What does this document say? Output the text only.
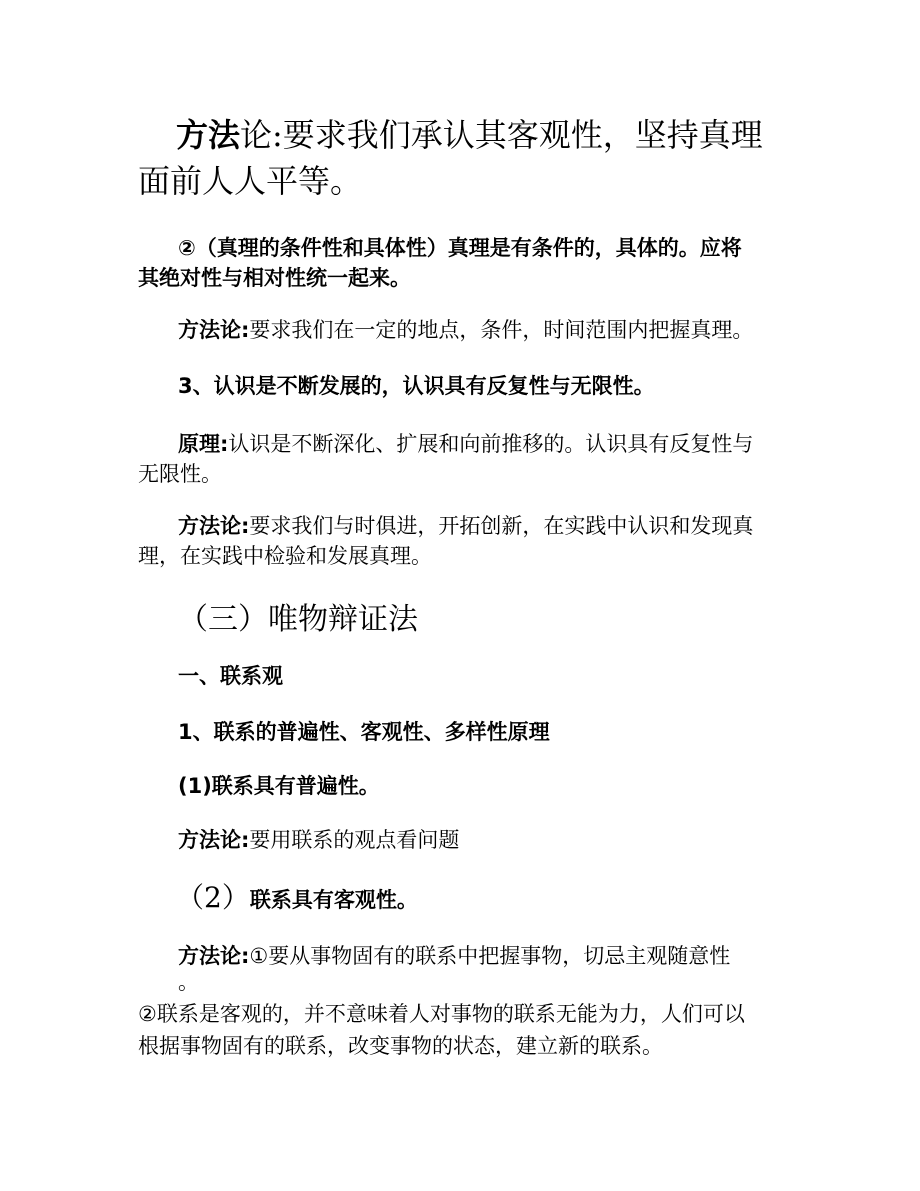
方法论:要求我们承认其客观性，坚持真理
面前人人平等。
②（真理的条件性和具体性）真理是有条件的，具体的。应将
其绝对性与相对性统一起来。
方法论:要求我们在一定的地点，条件，时间范围内把握真理。
3、认识是不断发展的，认识具有反复性与无限性。
原理:认识是不断深化、扩展和向前推移的。认识具有反复性与
无限性。
方法论:要求我们与时俱进，开拓创新，在实践中认识和发现真
理，在实践中检验和发展真理。
（三）唯物辩证法
一、联系观
1、联系的普遍性、客观性、多样性原理
(1)联系具有普遍性。
方法论:要用联系的观点看问题
（2）联系具有客观性。
方法论:①要从事物固有的联系中把握事物，切忌主观随意性
。
②联系是客观的，并不意味着人对事物的联系无能为力，人们可以
根据事物固有的联系，改变事物的状态，建立新的联系。
